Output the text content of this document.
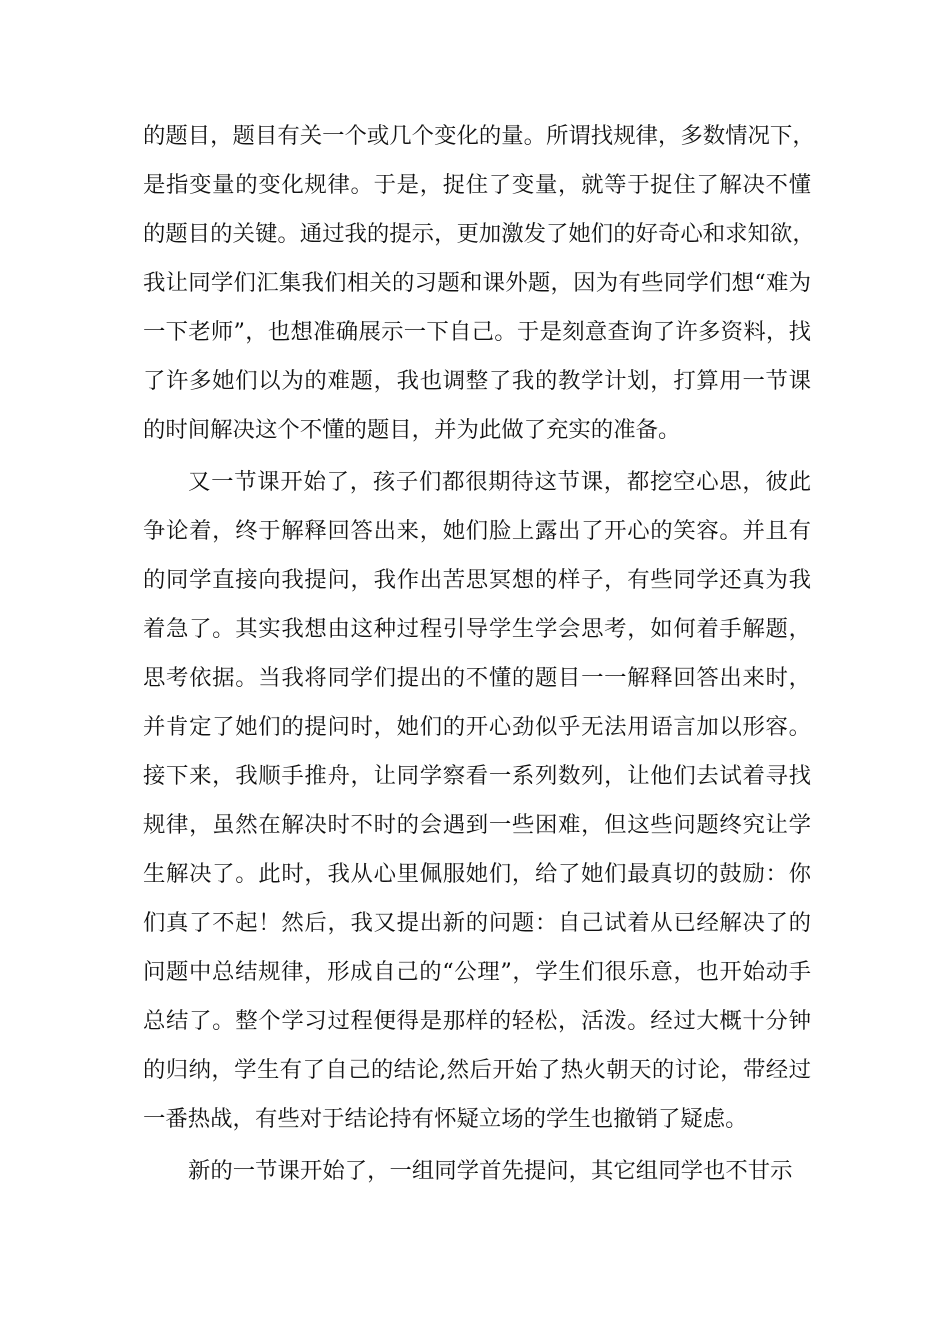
的题目，题目有关一个或几个变化的量。所谓找规律，多数情况下，
是指变量的变化规律。于是，捉住了变量，就等于捉住了解决不懂
的题目的关键。通过我的提示，更加激发了她们的好奇心和求知欲，
我让同学们汇集我们相关的习题和课外题，因为有些同学们想“难为
一下老师”，也想准确展示一下自己。于是刻意查询了许多资料，找
了许多她们以为的难题，我也调整了我的教学计划，打算用一节课
的时间解决这个不懂的题目，并为此做了充实的准备。
又一节课开始了，孩子们都很期待这节课，都挖空心思，彼此
争论着，终于解释回答出来，她们脸上露出了开心的笑容。并且有
的同学直接向我提问，我作出苦思冥想的样子，有些同学还真为我
着急了。其实我想由这种过程引导学生学会思考，如何着手解题，
思考依据。当我将同学们提出的不懂的题目一一解释回答出来时，
并肯定了她们的提问时，她们的开心劲似乎无法用语言加以形容。
接下来，我顺手推舟，让同学察看一系列数列，让他们去试着寻找
规律，虽然在解决时不时的会遇到一些困难，但这些问题终究让学
生解决了。此时，我从心里佩服她们，给了她们最真切的鼓励：你
们真了不起！然后，我又提出新的问题：自己试着从已经解决了的
问题中总结规律，形成自己的“公理”，学生们很乐意，也开始动手
总结了。整个学习过程便得是那样的轻松，活泼。经过大概十分钟
的归纳，学生有了自己的结论,然后开始了热火朝天的讨论，带经过
一番热战，有些对于结论持有怀疑立场的学生也撤销了疑虑。
新的一节课开始了，一组同学首先提问，其它组同学也不甘示
